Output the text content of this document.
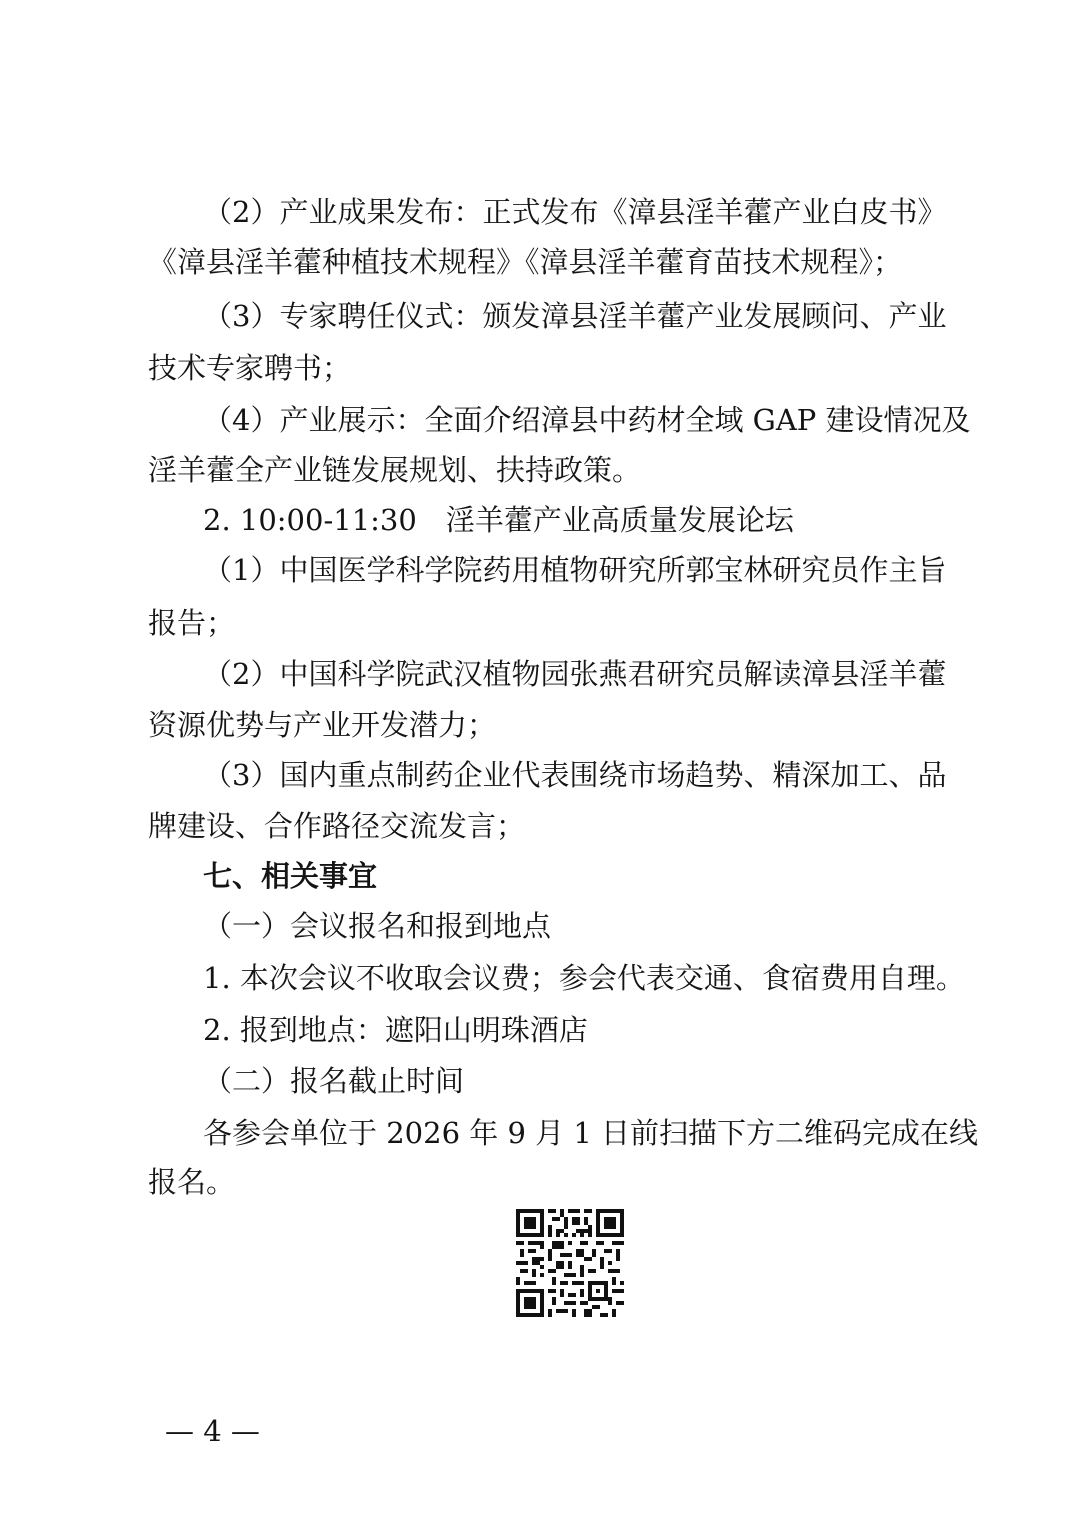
（2）产业成果发布：正式发布《漳县淫羊藿产业白皮书》
《漳县淫羊藿种植技术规程》《漳县淫羊藿育苗技术规程》；
（3）专家聘任仪式：颁发漳县淫羊藿产业发展顾问、产业
技术专家聘书；
（4）产业展示：全面介绍漳县中药材全域 GAP 建设情况及
淫羊藿全产业链发展规划、扶持政策。
2. 10:00-11:30　淫羊藿产业高质量发展论坛
（1）中国医学科学院药用植物研究所郭宝林研究员作主旨
报告；
（2）中国科学院武汉植物园张燕君研究员解读漳县淫羊藿
资源优势与产业开发潜力；
（3）国内重点制药企业代表围绕市场趋势、精深加工、品
牌建设、合作路径交流发言；
七、相关事宜
（一）会议报名和报到地点
1. 本次会议不收取会议费；参会代表交通、食宿费用自理。
2. 报到地点：遮阳山明珠酒店
（二）报名截止时间
各参会单位于 2026 年 9 月 1 日前扫描下方二维码完成在线
报名。
— 4 —
